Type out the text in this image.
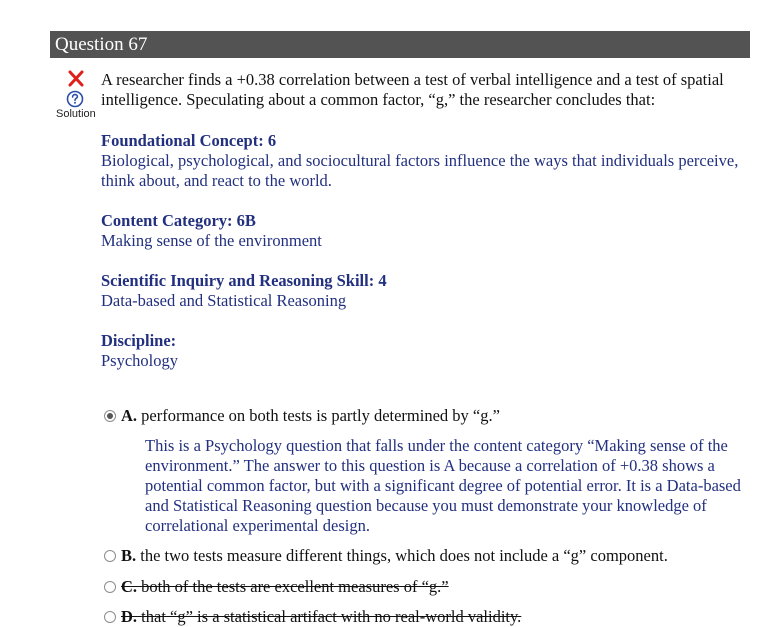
Question 67
Solution
A researcher finds a +0.38 correlation between a test of verbal intelligence and a test of spatial intelligence. Speculating about a common factor, “g,” the researcher concludes that:
Foundational Concept: 6
Biological, psychological, and sociocultural factors influence the ways that individuals perceive, think about, and react to the world.
Content Category: 6B
Making sense of the environment
Scientific Inquiry and Reasoning Skill: 4
Data-based and Statistical Reasoning
Discipline:
Psychology
A. performance on both tests is partly determined by “g.”
This is a Psychology question that falls under the content category “Making sense of the environment.” The answer to this question is A because a correlation of +0.38 shows a potential common factor, but with a significant degree of potential error. It is a Data-based and Statistical Reasoning question because you must demonstrate your knowledge of correlational experimental design.
B. the two tests measure different things, which does not include a “g” component.
C. both of the tests are excellent measures of “g.”
D. that “g” is a statistical artifact with no real-world validity.
